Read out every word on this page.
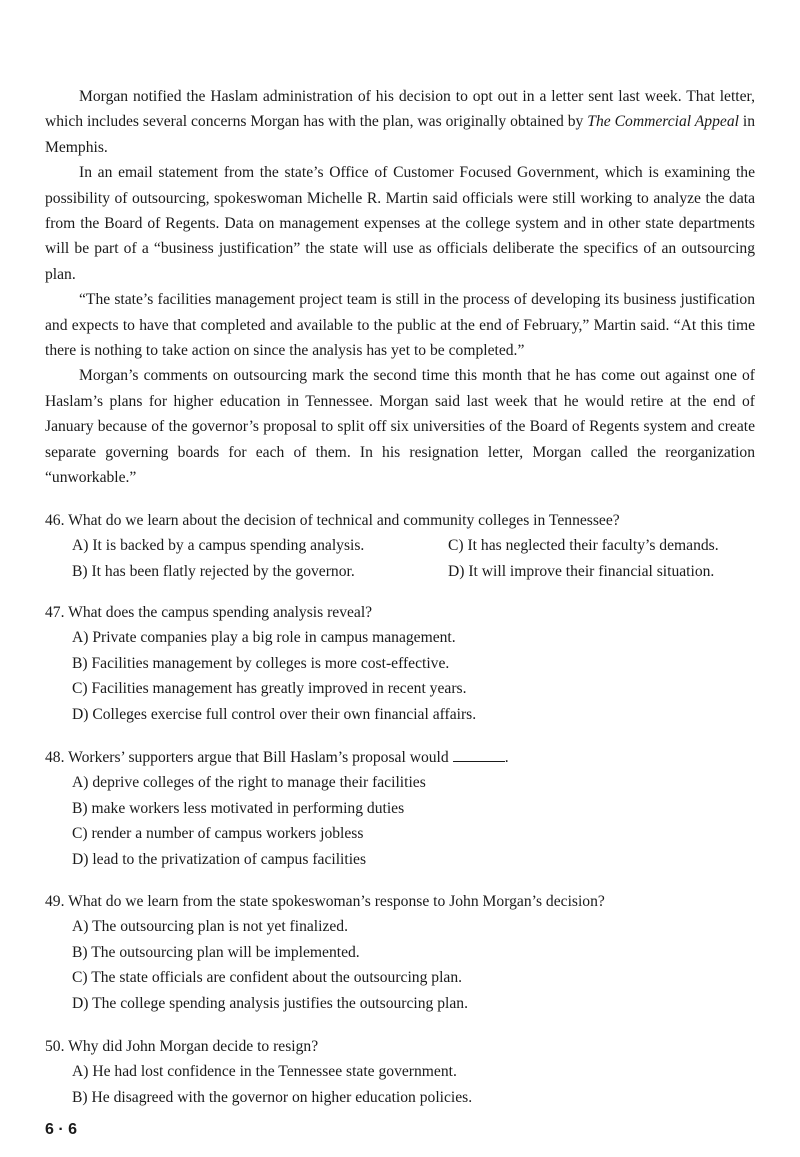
Morgan notified the Haslam administration of his decision to opt out in a letter sent last week. That letter, which includes several concerns Morgan has with the plan, was originally obtained by The Commercial Appeal in Memphis.

In an email statement from the state’s Office of Customer Focused Government, which is examining the possibility of outsourcing, spokeswoman Michelle R. Martin said officials were still working to analyze the data from the Board of Regents. Data on management expenses at the college system and in other state departments will be part of a “business justification” the state will use as officials deliberate the specifics of an outsourcing plan.

“The state’s facilities management project team is still in the process of developing its business justification and expects to have that completed and available to the public at the end of February,” Martin said. “At this time there is nothing to take action on since the analysis has yet to be completed.”

Morgan’s comments on outsourcing mark the second time this month that he has come out against one of Haslam’s plans for higher education in Tennessee. Morgan said last week that he would retire at the end of January because of the governor’s proposal to split off six universities of the Board of Regents system and create separate governing boards for each of them. In his resignation letter, Morgan called the reorganization “unworkable.”

46. What do we learn about the decision of technical and community colleges in Tennessee?

A) It is backed by a campus spending analysis.	C) It has neglected their faculty’s demands.

B) It has been flatly rejected by the governor.	D) It will improve their financial situation.

47. What does the campus spending analysis reveal?

A) Private companies play a big role in campus management.

B) Facilities management by colleges is more cost-effective.

C) Facilities management has greatly improved in recent years.

D) Colleges exercise full control over their own financial affairs.

48. Workers’ supporters argue that Bill Haslam’s proposal would	.

A) deprive colleges of the right to manage their facilities

B) make workers less motivated in performing duties

C) render a number of campus workers jobless

D) lead to the privatization of campus facilities

49. What do we learn from the state spokeswoman’s response to John Morgan’s decision?

A) The outsourcing plan is not yet finalized.

B) The outsourcing plan will be implemented.

C) The state officials are confident about the outsourcing plan.

D) The college spending analysis justifies the outsourcing plan.

50. Why did John Morgan decide to resign?

A) He had lost confidence in the Tennessee state government.

B) He disagreed with the governor on higher education policies.

6 · 6
